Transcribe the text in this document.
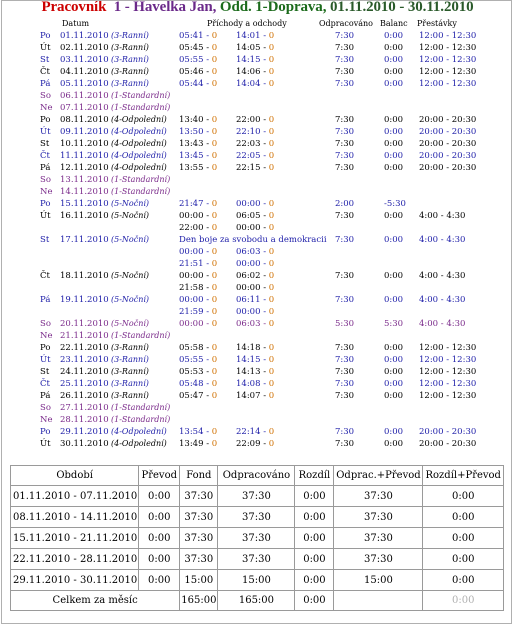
Pracovník 1 - Havelka Jan, Odd. 1-Doprava, 01.11.2010 - 30.11.2010
Datum	Příchody a odchody	Odpracováno Balanc Přestávky
Po 01.11.2010 (3-Ranní)	05:41 - 0 14:01 - 0	7:30	0:00 12:00 - 12:30
Út 02.11.2010 (3-Ranní)	05:45 - 0 14:05 - 0	7:30	0:00 12:00 - 12:30
St 03.11.2010 (3-Ranní)	05:55 - 0 14:15 - 0	7:30	0:00 12:00 - 12:30
Čt 04.11.2010 (3-Ranní)	05:46 - 0 14:06 - 0	7:30	0:00 12:00 - 12:30
Pá 05.11.2010 (3-Ranní)	05:44 - 0 14:04 - 0	7:30	0:00 12:00 - 12:30
So 06.11.2010 (1-Standardní)
Ne 07.11.2010 (1-Standardní)
Po 08.11.2010 (4-Odpolední) 13:40 - 0 22:00 - 0	7:30	0:00 20:00 - 20:30
Út 09.11.2010 (4-Odpolední) 13:50 - 0 22:10 - 0	7:30	0:00 20:00 - 20:30
St 10.11.2010 (4-Odpolední) 13:43 - 0 22:03 - 0	7:30	0:00 20:00 - 20:30
Čt 11.11.2010 (4-Odpolední) 13:45 - 0 22:05 - 0	7:30	0:00 20:00 - 20:30
Pá 12.11.2010 (4-Odpolední) 13:55 - 0 22:15 - 0	7:30	0:00 20:00 - 20:30
So 13.11.2010 (1-Standardní)
Ne 14.11.2010 (1-Standardní)
Po 15.11.2010 (5-Noční)	21:47 - 0 00:00 - 0	2:00	-5:30
Út 16.11.2010 (5-Noční)	00:00 - 0 06:05 - 0	7:30	0:00 4:00 - 4:30
22:00 - 0 00:00 - 0
St 17.11.2010 (5-Noční)	Den boje za svobodu a demokracii 7:30	0:00 4:00 - 4:30
00:00 - 0 06:03 - 0
21:51 - 0 00:00 - 0
Čt 18.11.2010 (5-Noční)	00:00 - 0 06:02 - 0	7:30	0:00 4:00 - 4:30
21:58 - 0 00:00 - 0
Pá 19.11.2010 (5-Noční)	00:00 - 0 06:11 - 0	7:30	0:00 4:00 - 4:30
21:59 - 0 00:00 - 0
So 20.11.2010 (5-Noční)	00:00 - 0 06:03 - 0	5:30	5:30 4:00 - 4:30
Ne 21.11.2010 (1-Standardní)
Po 22.11.2010 (3-Ranní)	05:58 - 0 14:18 - 0	7:30	0:00 12:00 - 12:30
Út 23.11.2010 (3-Ranní)	05:55 - 0 14:15 - 0	7:30	0:00 12:00 - 12:30
St 24.11.2010 (3-Ranní)	05:53 - 0 14:13 - 0	7:30	0:00 12:00 - 12:30
Čt 25.11.2010 (3-Ranní)	05:48 - 0 14:08 - 0	7:30	0:00 12:00 - 12:30
Pá 26.11.2010 (3-Ranní)	05:47 - 0 14:07 - 0	7:30	0:00 12:00 - 12:30
So 27.11.2010 (1-Standardní)
Ne 28.11.2010 (1-Standardní)
Po 29.11.2010 (4-Odpolední) 13:54 - 0 22:14 - 0	7:30	0:00 20:00 - 20:30
Út 30.11.2010 (4-Odpolední) 13:49 - 0 22:09 - 0	7:30	0:00 20:00 - 20:30
Období	Převod	Fond	Odpracováno	Rozdíl	Odprac.+Převod	Rozdíl+Převod
01.11.2010 - 07.11.2010	0:00	37:30	37:30	0:00	37:30	0:00
08.11.2010 - 14.11.2010	0:00	37:30	37:30	0:00	37:30	0:00
15.11.2010 - 21.11.2010	0:00	37:30	37:30	0:00	37:30	0:00
22.11.2010 - 28.11.2010	0:00	37:30	37:30	0:00	37:30	0:00
29.11.2010 - 30.11.2010	0:00	15:00	15:00	0:00	15:00	0:00
Celkem za měsíc		165:00	165:00	0:00		0:00
